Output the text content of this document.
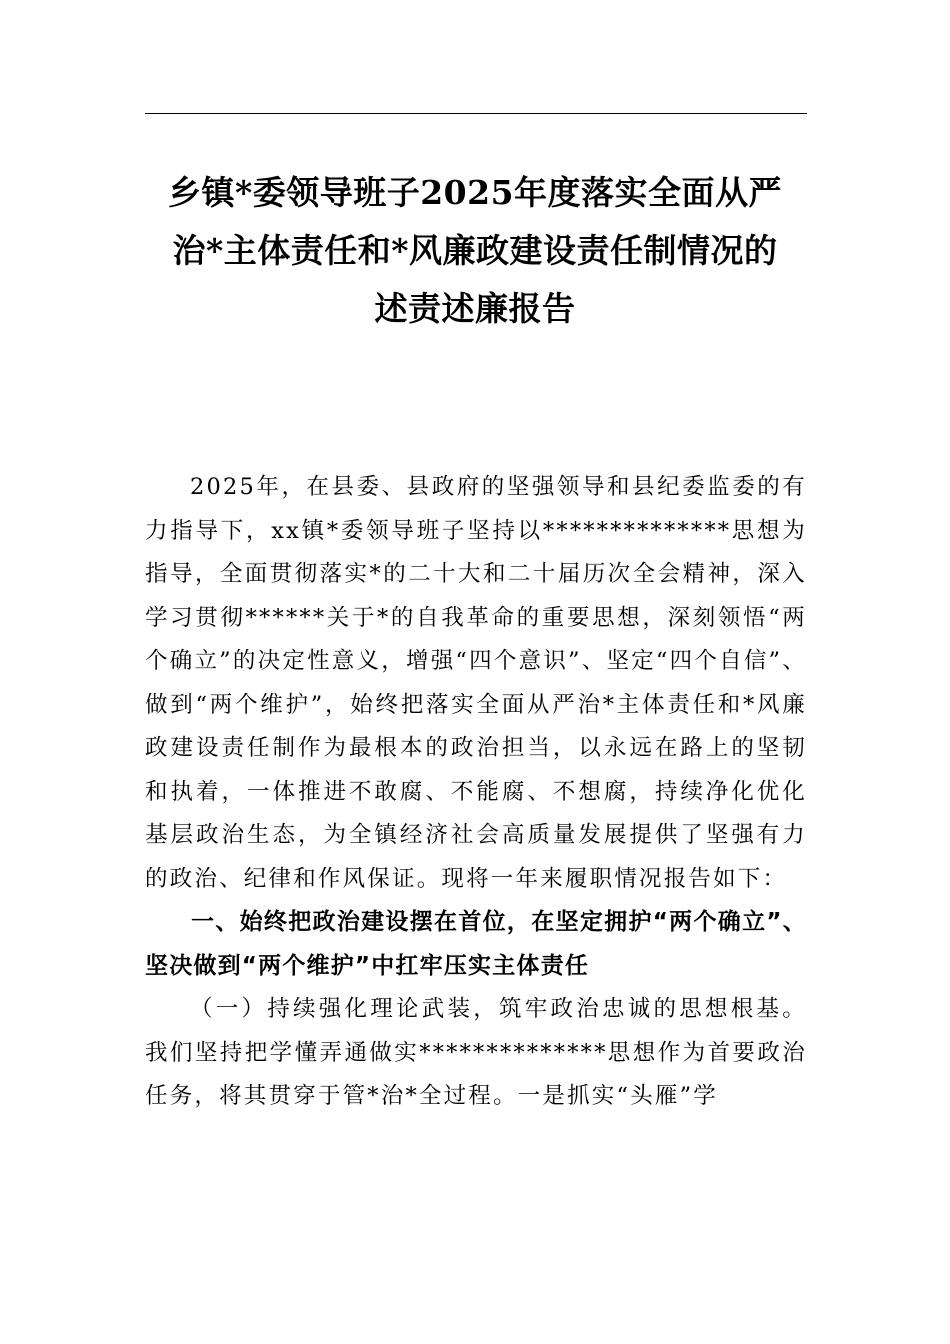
乡镇*委领导班子2025年度落实全面从严
治*主体责任和*风廉政建设责任制情况的
述责述廉报告

2025年，在县委、县政府的坚强领导和县纪委监委的有力指导下，xx镇*委领导班子坚持以**************思想为指导，全面贯彻落实*的二十大和二十届历次全会精神，深入学习贯彻******关于*的自我革命的重要思想，深刻领悟“两个确立”的决定性意义，增强“四个意识”、坚定“四个自信”、做到“两个维护”，始终把落实全面从严治*主体责任和*风廉政建设责任制作为最根本的政治担当，以永远在路上的坚韧和执着，一体推进不敢腐、不能腐、不想腐，持续净化优化基层政治生态，为全镇经济社会高质量发展提供了坚强有力的政治、纪律和作风保证。现将一年来履职情况报告如下：

一、始终把政治建设摆在首位，在坚定拥护“两个确立”、坚决做到“两个维护”中扛牢压实主体责任

（一）持续强化理论武装，筑牢政治忠诚的思想根基。我们坚持把学懂弄通做实**************思想作为首要政治任务，将其贯穿于管*治*全过程。一是抓实“头雁”学
